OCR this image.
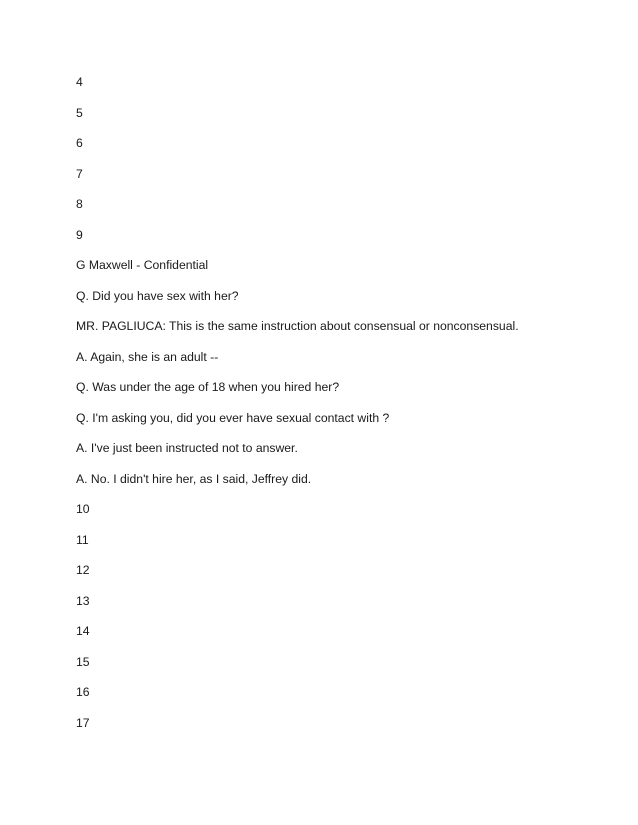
4
5
6
7
8
9
G Maxwell - Confidential
Q. Did you have sex with her?
MR. PAGLIUCA: This is the same instruction about consensual or nonconsensual.
A. Again, she is an adult --
Q. Was under the age of 18 when you hired her?
Q. I'm asking you, did you ever have sexual contact with ?
A. I've just been instructed not to answer.
A. No. I didn't hire her, as I said, Jeffrey did.
10
11
12
13
14
15
16
17
